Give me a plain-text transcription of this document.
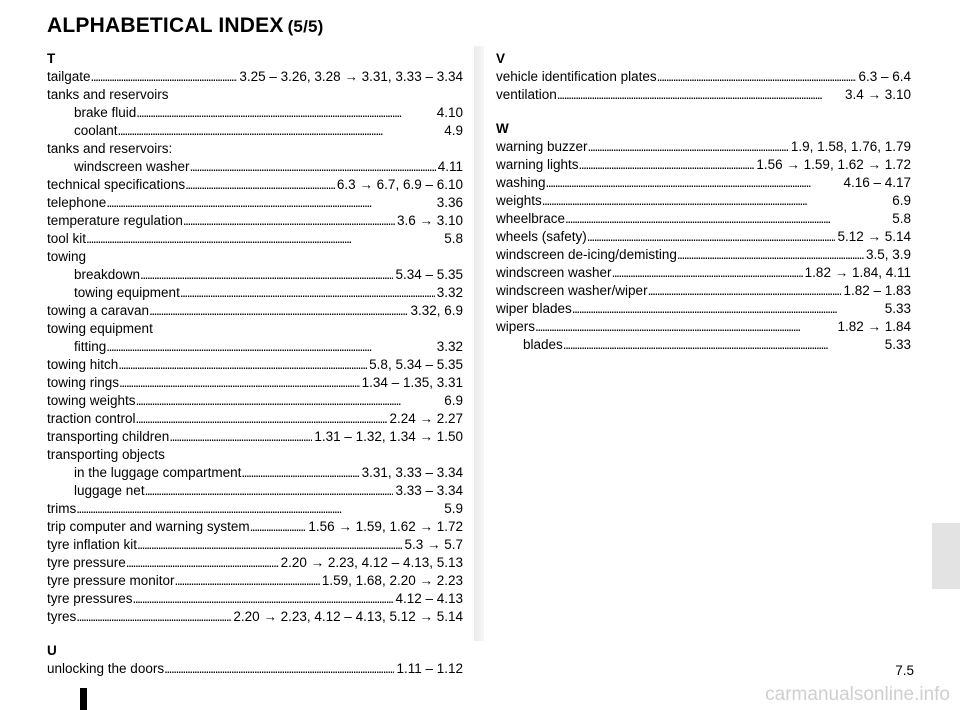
ALPHABETICAL INDEX (5/5)
T
tailgate . . .	3.25 – 3.26, 3.28 → 3.31, 3.33 – 3.34
tanks and reservoirs
brake fluid . . .	4.10
coolant . . .	4.9
tanks and reservoirs:
windscreen washer . . .	4.11
technical specifications . . .	6.3 → 6.7, 6.9 – 6.10
telephone . . .	3.36
temperature regulation . . .	3.6 → 3.10
tool kit . . .	5.8
towing
breakdown . . .	5.34 – 5.35
towing equipment . . .	3.32
towing a caravan . . .	3.32, 6.9
towing equipment
fitting . . .	3.32
towing hitch . . .	5.8, 5.34 – 5.35
towing rings . . .	1.34 – 1.35, 3.31
towing weights . . .	6.9
traction control . . .	2.24 → 2.27
transporting children . . .	1.31 – 1.32, 1.34 → 1.50
transporting objects
in the luggage compartment . . .	3.31, 3.33 – 3.34
luggage net . . .	3.33 – 3.34
trims . . .	5.9
trip computer and warning system . . .	1.56 → 1.59, 1.62 → 1.72
tyre inflation kit . . .	5.3 → 5.7
tyre pressure . . .	2.20 → 2.23, 4.12 – 4.13, 5.13
tyre pressure monitor . . .	1.59, 1.68, 2.20 → 2.23
tyre pressures . . .	4.12 – 4.13
tyres . . .	2.20 → 2.23, 4.12 – 4.13, 5.12 → 5.14
U
unlocking the doors . . .	1.11 – 1.12
V
vehicle identification plates . . .	6.3 – 6.4
ventilation . . .	3.4 → 3.10
W
warning buzzer . . .	1.9, 1.58, 1.76, 1.79
warning lights . . .	1.56 → 1.59, 1.62 → 1.72
washing . . .	4.16 – 4.17
weights . . .	6.9
wheelbrace . . .	5.8
wheels (safety) . . .	5.12 → 5.14
windscreen de-icing/demisting . . .	3.5, 3.9
windscreen washer . . .	1.82 → 1.84, 4.11
windscreen washer/wiper . . .	1.82 – 1.83
wiper blades . . .	5.33
wipers . . .	1.82 → 1.84
blades . . .	5.33
7.5
carmanualsonline.info
